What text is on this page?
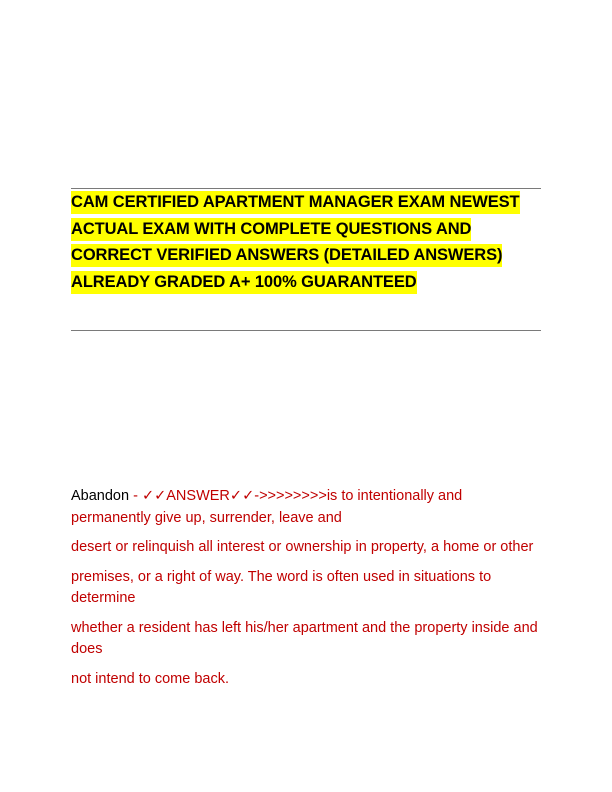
CAM CERTIFIED APARTMENT MANAGER EXAM NEWEST ACTUAL EXAM WITH COMPLETE QUESTIONS AND CORRECT VERIFIED ANSWERS (DETAILED ANSWERS) ALREADY GRADED A+ 100% GUARANTEED

Abandon - ✓✓ANSWER✓✓->>>>>>>>is to intentionally and permanently give up, surrender, leave and

desert or relinquish all interest or ownership in property, a home or other

premises, or a right of way. The word is often used in situations to determine

whether a resident has left his/her apartment and the property inside and does

not intend to come back.
